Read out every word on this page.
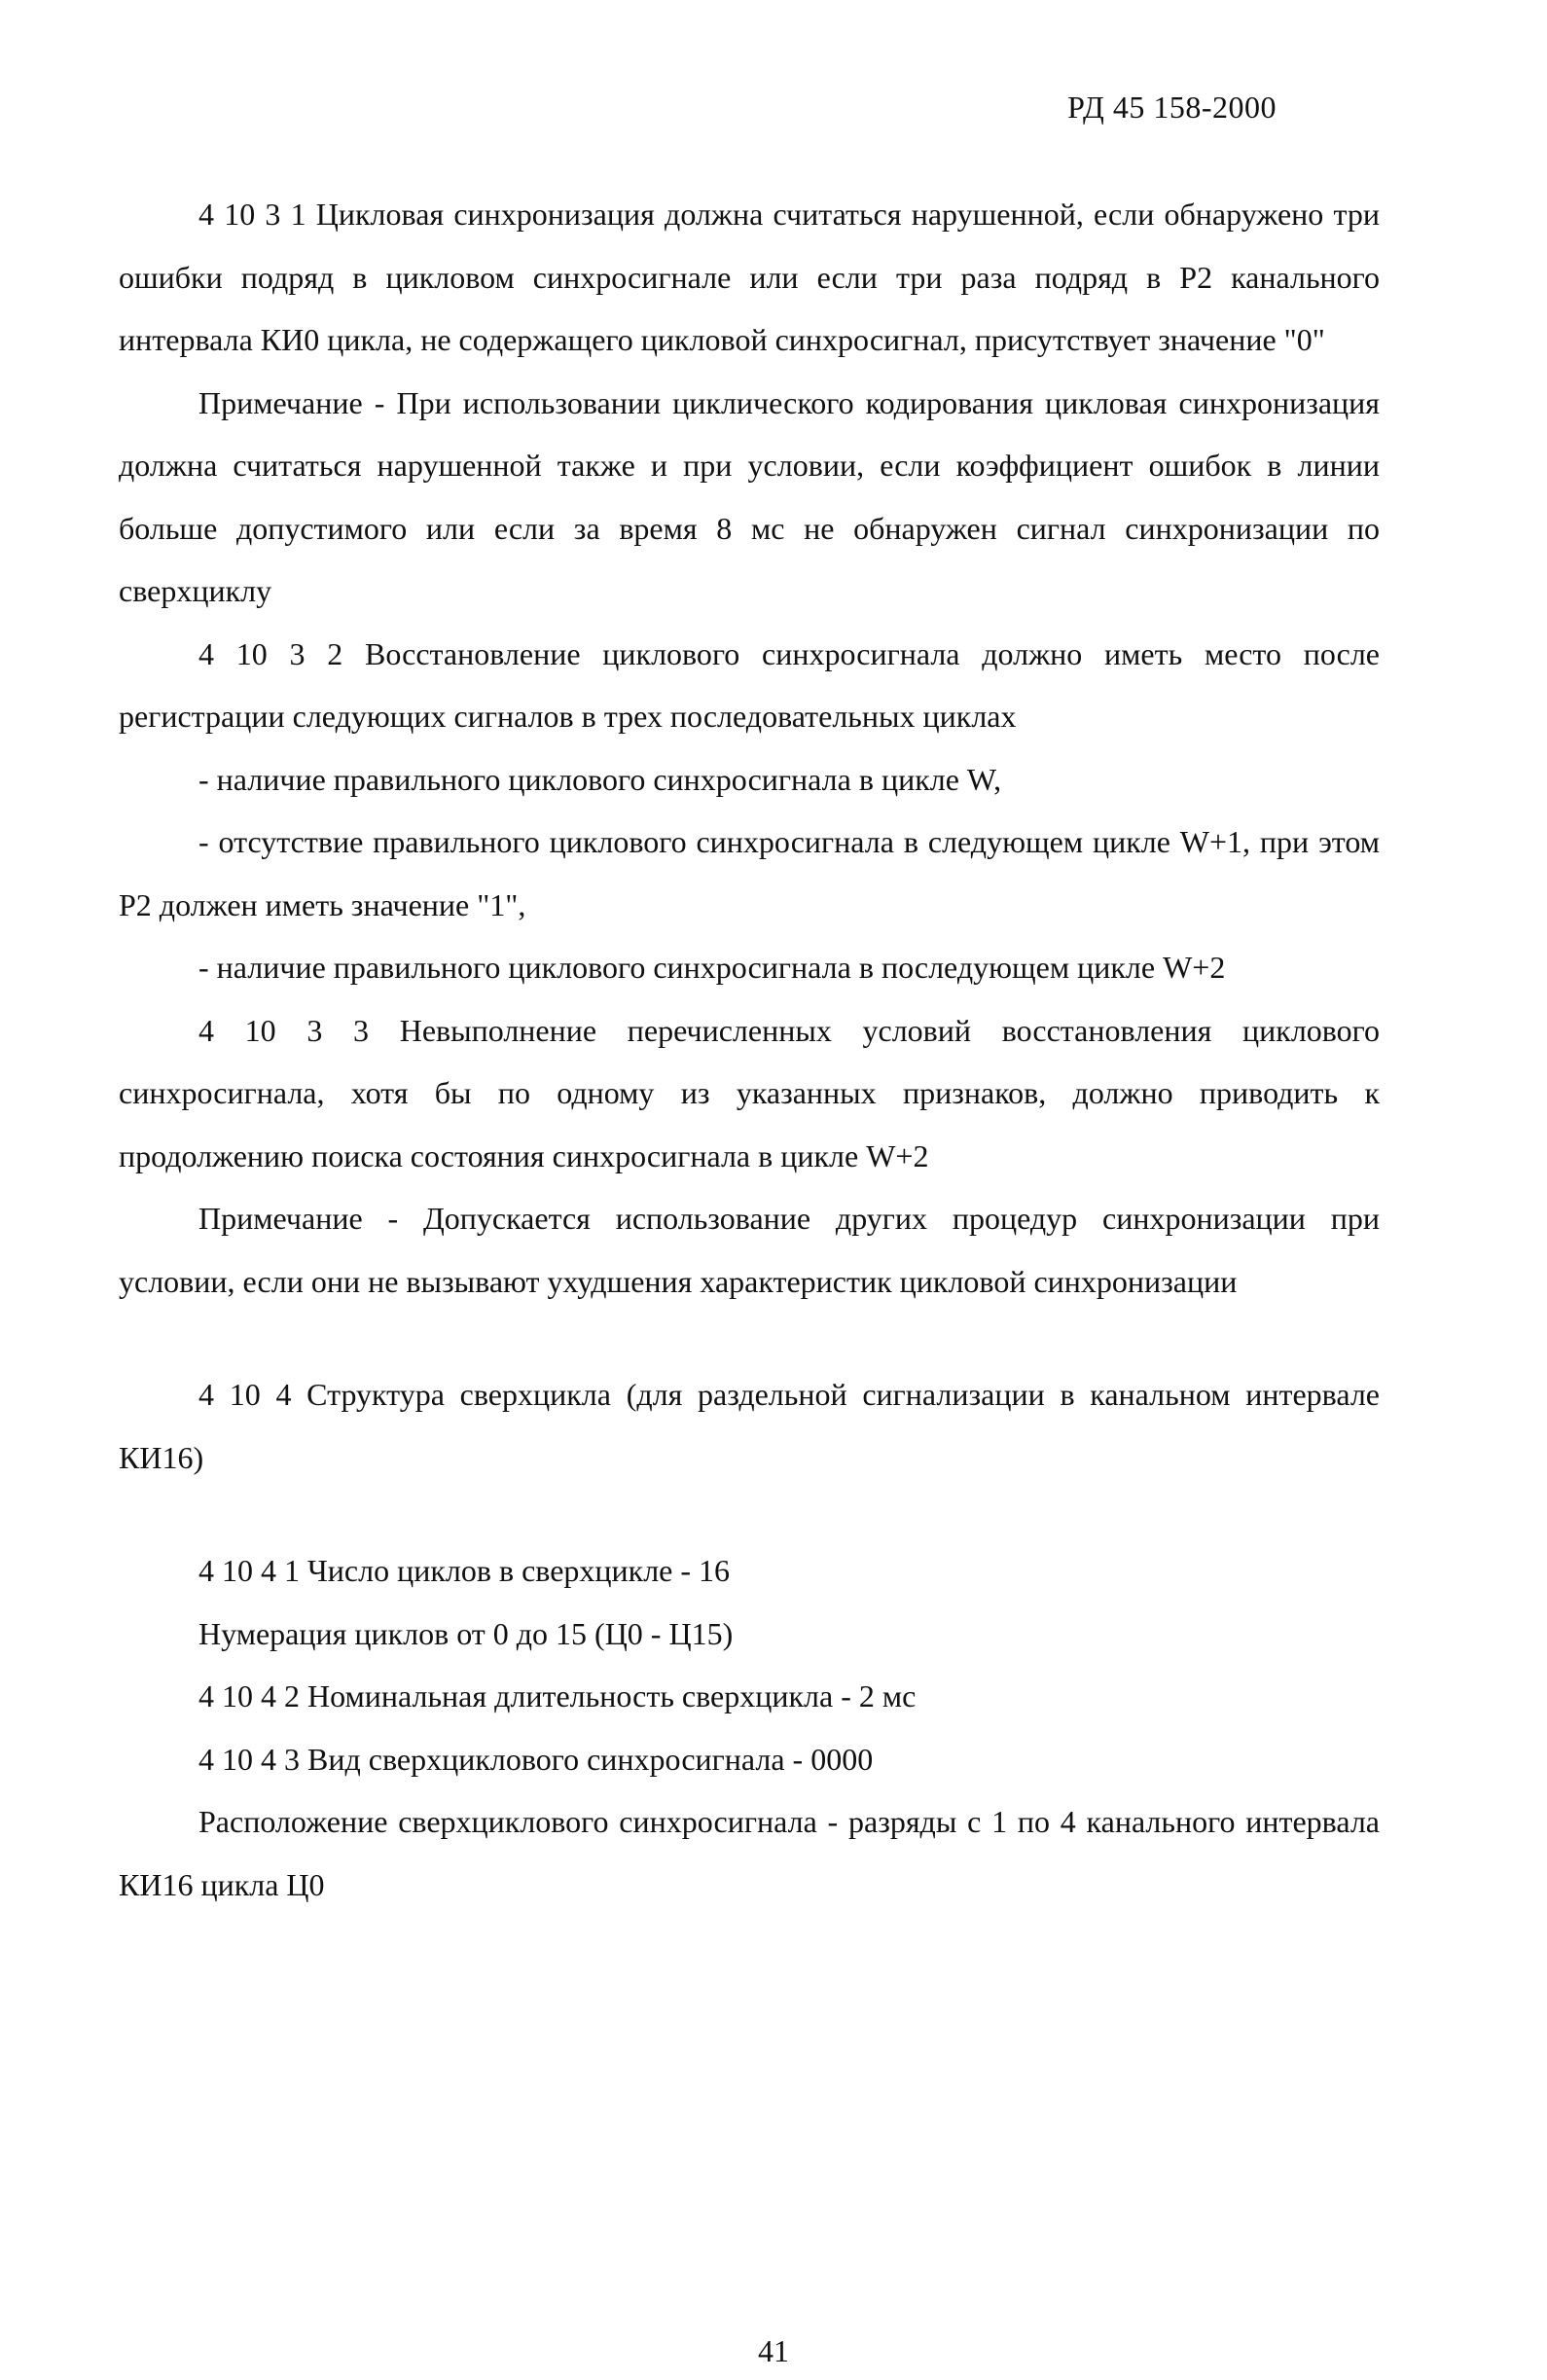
РД 45 158-2000

4 10 3 1 Цикловая синхронизация должна считаться нарушенной, если обнаружено три ошибки подряд в цикловом синхросигнале или если три раза подряд в Р2 канального интервала КИ0 цикла, не содержащего цикловой синхросигнал, присутствует значение "0"

Примечание - При использовании циклического кодирования цикловая синхронизация должна считаться нарушенной также и при условии, если коэффициент ошибок в линии больше допустимого или если за время 8 мс не обнаружен сигнал синхронизации по сверхциклу

4 10 3 2 Восстановление циклового синхросигнала должно иметь место после регистрации следующих сигналов в трех последовательных циклах

- наличие правильного циклового синхросигнала в цикле W,

- отсутствие правильного циклового синхросигнала в следующем цикле W+1, при этом Р2 должен иметь значение "1",

- наличие правильного циклового синхросигнала в последующем цикле W+2

4 10 3 3 Невыполнение перечисленных условий восстановления циклового синхросигнала, хотя бы по одному из указанных признаков, должно приводить к продолжению поиска состояния синхросигнала в цикле W+2

Примечание - Допускается использование других процедур синхронизации при условии, если они не вызывают ухудшения характеристик цикловой синхронизации

4 10 4 Структура сверхцикла (для раздельной сигнализации в канальном интервале КИ16)

4 10 4 1 Число циклов в сверхцикле - 16

Нумерация циклов от 0 до 15 (Ц0 - Ц15)

4 10 4 2 Номинальная длительность сверхцикла - 2 мс

4 10 4 3 Вид сверхциклового синхросигнала - 0000

Расположение сверхциклового синхросигнала - разряды с 1 по 4 канального интервала КИ16 цикла Ц0

41
